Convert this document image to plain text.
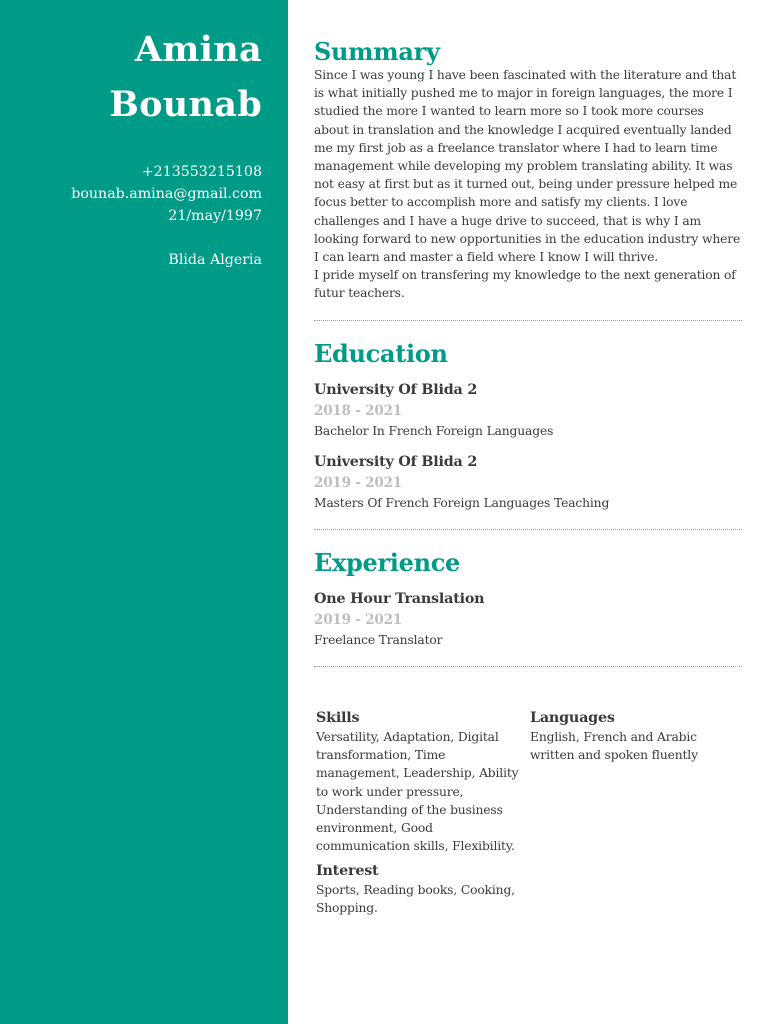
Amina
Bounab
+213553215108
bounab.amina@gmail.com
21/may/1997
Blida Algeria
Summary

Since I was young I have been fascinated with the literature and that is what initially pushed me to major in foreign languages, the more I studied the more I wanted to learn more so I took more courses about in translation and the knowledge I acquired eventually landed me my first job as a freelance translator where I had to learn time management while developing my problem translating ability. It was not easy at first but as it turned out, being under pressure helped me focus better to accomplish more and satisfy my clients. I love challenges and I have a huge drive to succeed, that is why I am looking forward to new opportunities in the education industry where I can learn and master a field where I know I will thrive.

I pride myself on transfering my knowledge to the next generation of futur teachers.

Education
University Of Blida 2
2018 - 2021
Bachelor In French Foreign Languages
University Of Blida 2
2019 - 2021
Masters Of French Foreign Languages Teaching
Experience
One Hour Translation
2019 - 2021
Freelance Translator
Skills
Versatility, Adaptation, Digital transformation, Time management, Leadership, Ability to work under pressure, Understanding of the business environment, Good communication skills, Flexibility.
Languages
English, French and Arabic written and spoken fluently
Interest
Sports, Reading books, Cooking, Shopping.
